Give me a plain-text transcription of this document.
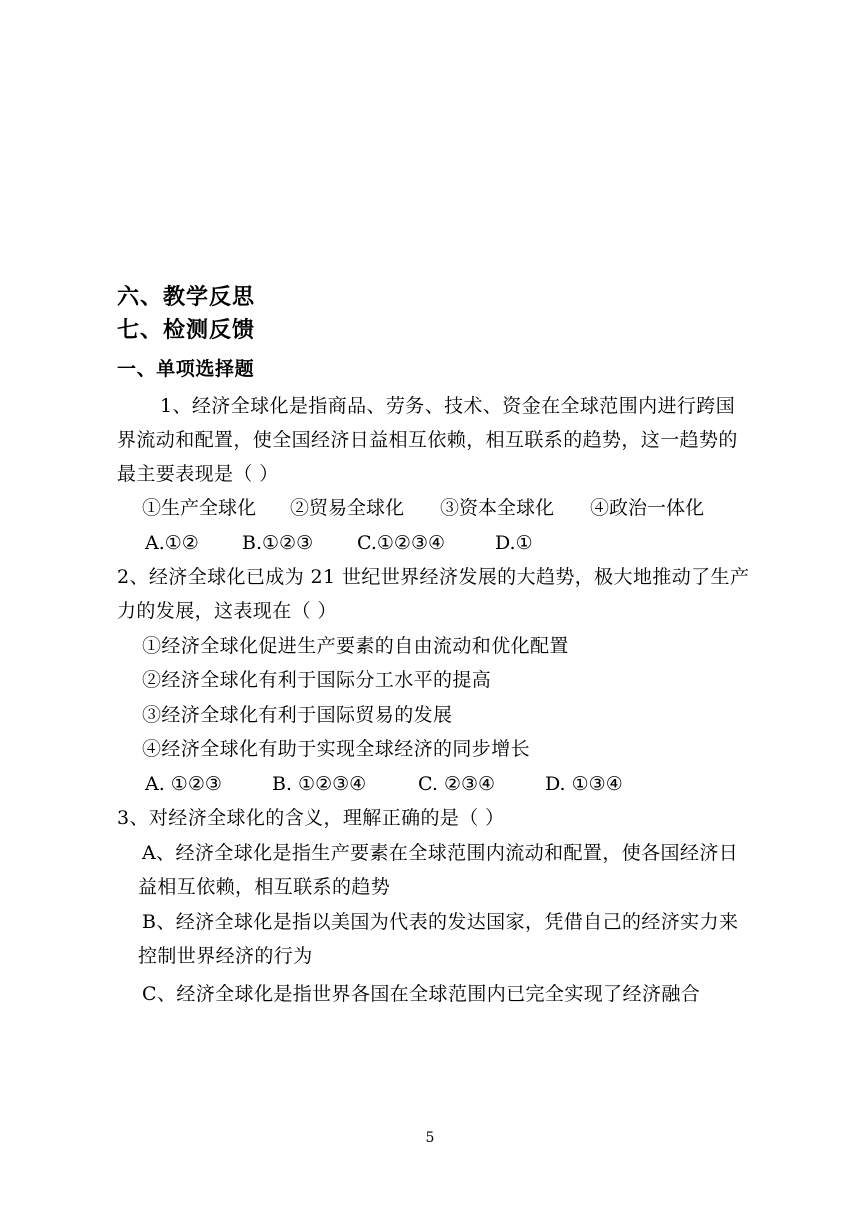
六、教学反思
七、检测反馈
一、单项选择题
1、经济全球化是指商品、劳务、技术、资金在全球范围内进行跨国
界流动和配置，使全国经济日益相互依赖，相互联系的趋势，这一趋势的
最主要表现是（ ）
①生产全球化 ②贸易全球化 ③资本全球化 ④政治一体化
A.①② B.①②③ C.①②③④	D.①
2、经济全球化已成为 21 世纪世界经济发展的大趋势，极大地推动了生产
力的发展，这表现在（ ）
①经济全球化促进生产要素的自由流动和优化配置
②经济全球化有利于国际分工水平的提高
③经济全球化有利于国际贸易的发展
④经济全球化有助于实现全球经济的同步增长
A. ①②③	B. ①②③④	C. ②③④	D. ①③④
3、对经济全球化的含义，理解正确的是（ ）
A、经济全球化是指生产要素在全球范围内流动和配置，使各国经济日
益相互依赖，相互联系的趋势
B、经济全球化是指以美国为代表的发达国家，凭借自己的经济实力来
控制世界经济的行为
C、经济全球化是指世界各国在全球范围内已完全实现了经济融合
5
